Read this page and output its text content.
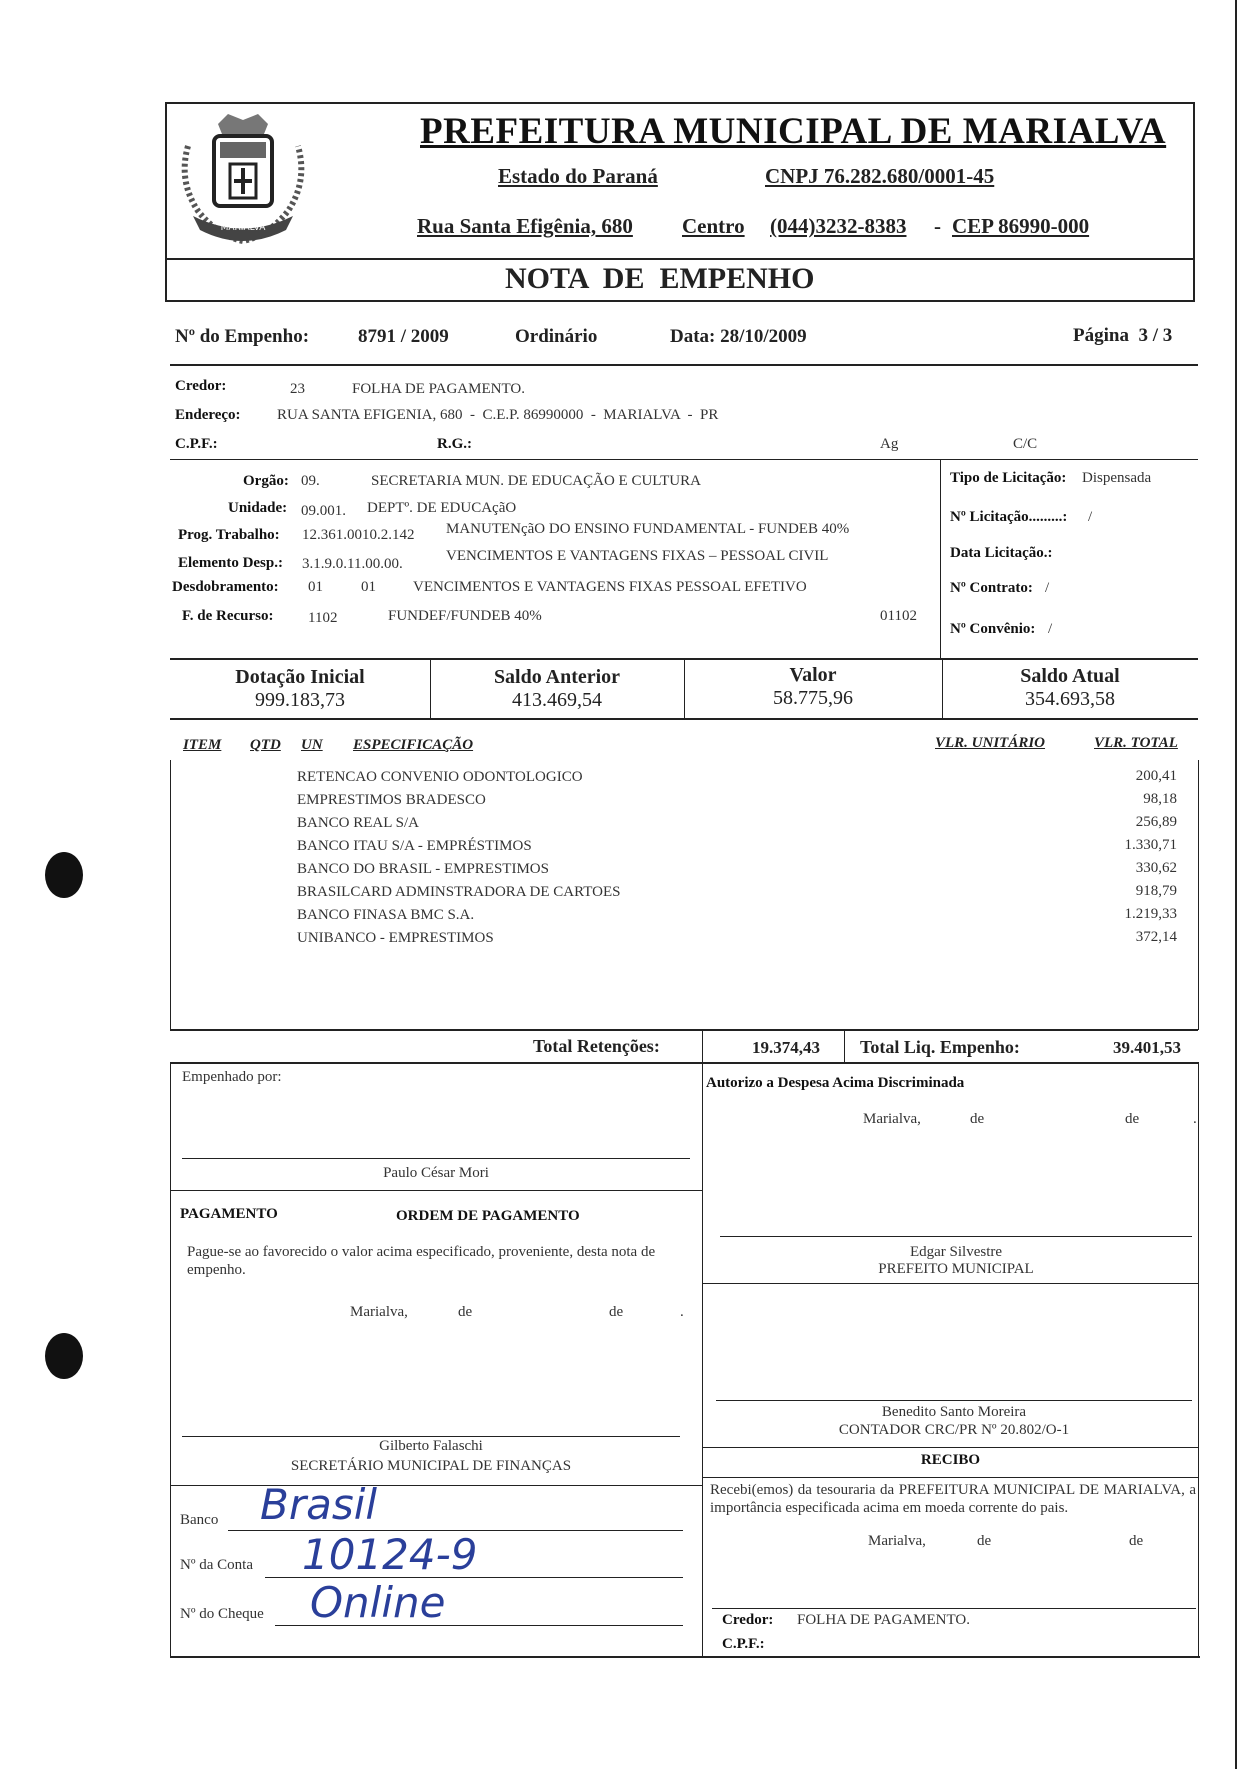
MARIALVA
PREFEITURA MUNICIPAL DE MARIALVA
Estado do Paraná	CNPJ 76.282.680/0001-45
Rua Santa Efigênia, 680 Centro (044)3232-8383 - CEP 86990-000
NOTA  DE  EMPENHO
Nº do Empenho:	8791 / 2009	Ordinário	Data: 28/10/2009	Página  3 / 3
Credor:	23	FOLHA DE PAGAMENTO.
Endereço: RUA SANTA EFIGENIA, 680  -  C.E.P. 86990000  -  MARIALVA  -  PR
C.P.F.:	R.G.:	Ag	C/C
Orgão: 09.	SECRETARIA MUN. DE EDUCAÇÃO E CULTURA
Unidade: 09.001. DEPTº. DE EDUCAçãO
Prog. Trabalho: 12.361.0010.2.142 MANUTENçãO DO ENSINO FUNDAMENTAL - FUNDEB 40%
Elemento Desp.: 3.1.9.0.11.00.00.	VENCIMENTOS E VANTAGENS FIXAS – PESSOAL CIVIL
Desdobramento: 01	01 VENCIMENTOS E VANTAGENS FIXAS PESSOAL EFETIVO
F. de Recurso: 1102	FUNDEF/FUNDEB 40%	01102
Tipo de Licitação: Dispensada
Nº Licitação.........: /
Data Licitação.:
Nº Contrato: /
Nº Convênio: /
Dotação Inicial
999.183,73
Saldo Anterior
413.469,54
Valor
58.775,96
Saldo Atual
354.693,58
ITEM QTD UN ESPECIFICAÇÃO	VLR. UNITÁRIO	VLR. TOTAL
RETENCAO CONVENIO ODONTOLOGICO	200,41
EMPRESTIMOS BRADESCO	98,18
BANCO REAL S/A	256,89
BANCO ITAU S/A - EMPRÉSTIMOS	1.330,71
BANCO DO BRASIL - EMPRESTIMOS	330,62
BRASILCARD ADMINSTRADORA DE CARTOES	918,79
BANCO FINASA BMC S.A.	1.219,33
UNIBANCO - EMPRESTIMOS	372,14
Total Retenções:	19.374,43 Total Liq. Empenho:	39.401,53
Empenhado por:
Paulo César Mori
PAGAMENTO	ORDEM DE PAGAMENTO
Pague-se ao favorecido o valor acima especificado, proveniente, desta nota de empenho.
Marialva,	de	de	.
Gilberto Falaschi
SECRETÁRIO MUNICIPAL DE FINANÇAS
Banco Brasil
Nº da Conta 10124-9
Nº do Cheque Online
Autorizo a Despesa Acima Discriminada
Marialva,	de	de	.
Edgar Silvestre
PREFEITO MUNICIPAL
Benedito Santo Moreira
CONTADOR CRC/PR Nº 20.802/O-1
RECIBO
Recebi(emos) da tesouraria da PREFEITURA MUNICIPAL DE MARIALVA, a importância especificada acima em moeda corrente do pais.
Marialva,	de	de
Credor: FOLHA DE PAGAMENTO.
C.P.F.:
